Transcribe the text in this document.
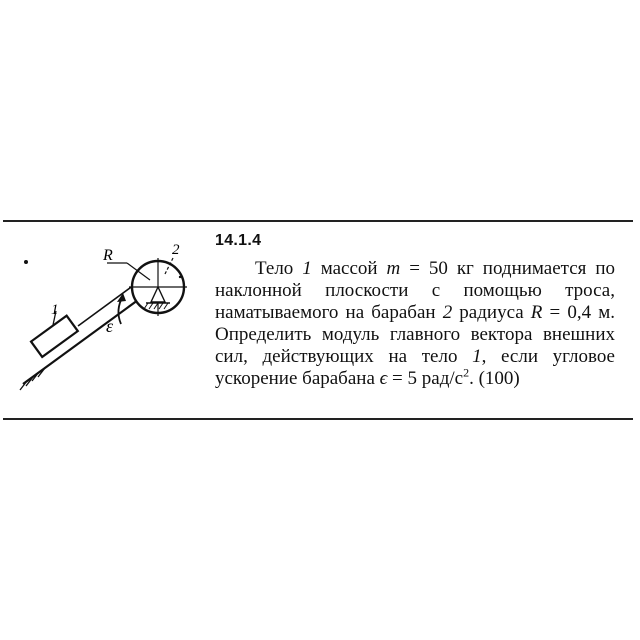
1
R	2
ε
14.1.4

Тело 1 массой m = 50 кг поднимается по наклонной плоскости с помощью троса, наматываемого на барабан 2 радиуса R = 0,4 м. Определить модуль главного вектора внешних сил, действующих на тело 1, если угловое ускорение барабана ϵ = 5 рад/$с^2$. (100)
